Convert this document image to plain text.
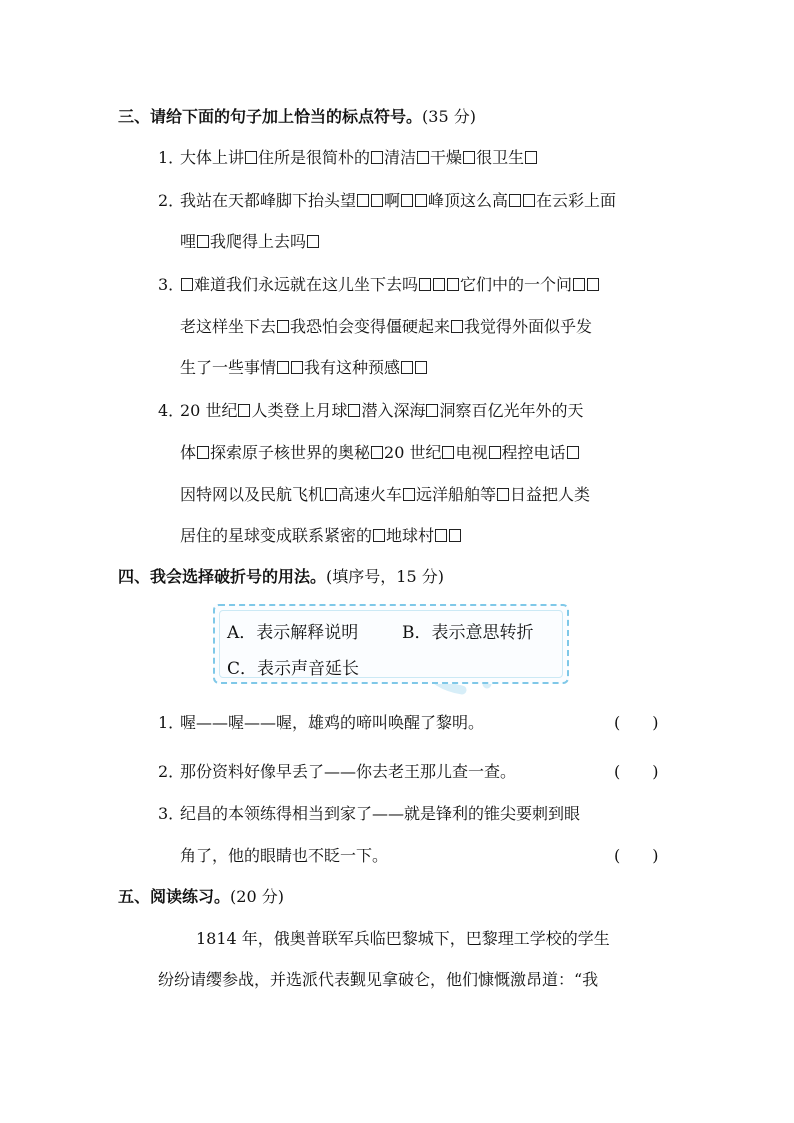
三、请给下面的句子加上恰当的标点符号。(35 分)
1．大体上讲 住所是很简朴的 清洁 干燥 很卫生
2．我站在天都峰脚下抬头望 啊 峰顶这么高 在云彩上面
哩 我爬得上去吗
3． 难道我们永远就在这儿坐下去吗	它们中的一个问
老这样坐下去 我恐怕会变得僵硬起来 我觉得外面似乎发
生了一些事情 我有这种预感
4．20 世纪 人类登上月球 潜入深海 洞察百亿光年外的天
体 探索原子核世界的奥秘 20 世纪 电视 程控电话
因特网以及民航飞机 高速火车 远洋船舶等 日益把人类
居住的星球变成联系紧密的 地球村
四、我会选择破折号的用法。(填序号，15 分)
A．表示解释说明	B．表示意思转折
C．表示声音延长
1．喔——喔——喔，雄鸡的啼叫唤醒了黎明。	(　　)
2．那份资料好像早丢了——你去老王那儿查一查。	(　　)
3．纪昌的本领练得相当到家了——就是锋利的锥尖要刺到眼
角了，他的眼睛也不眨一下。	(　　)
五、阅读练习。(20 分)
1814 年，俄奥普联军兵临巴黎城下，巴黎理工学校的学生
纷纷请缨参战，并选派代表觐见拿破仑，他们慷慨激昂道：“我
